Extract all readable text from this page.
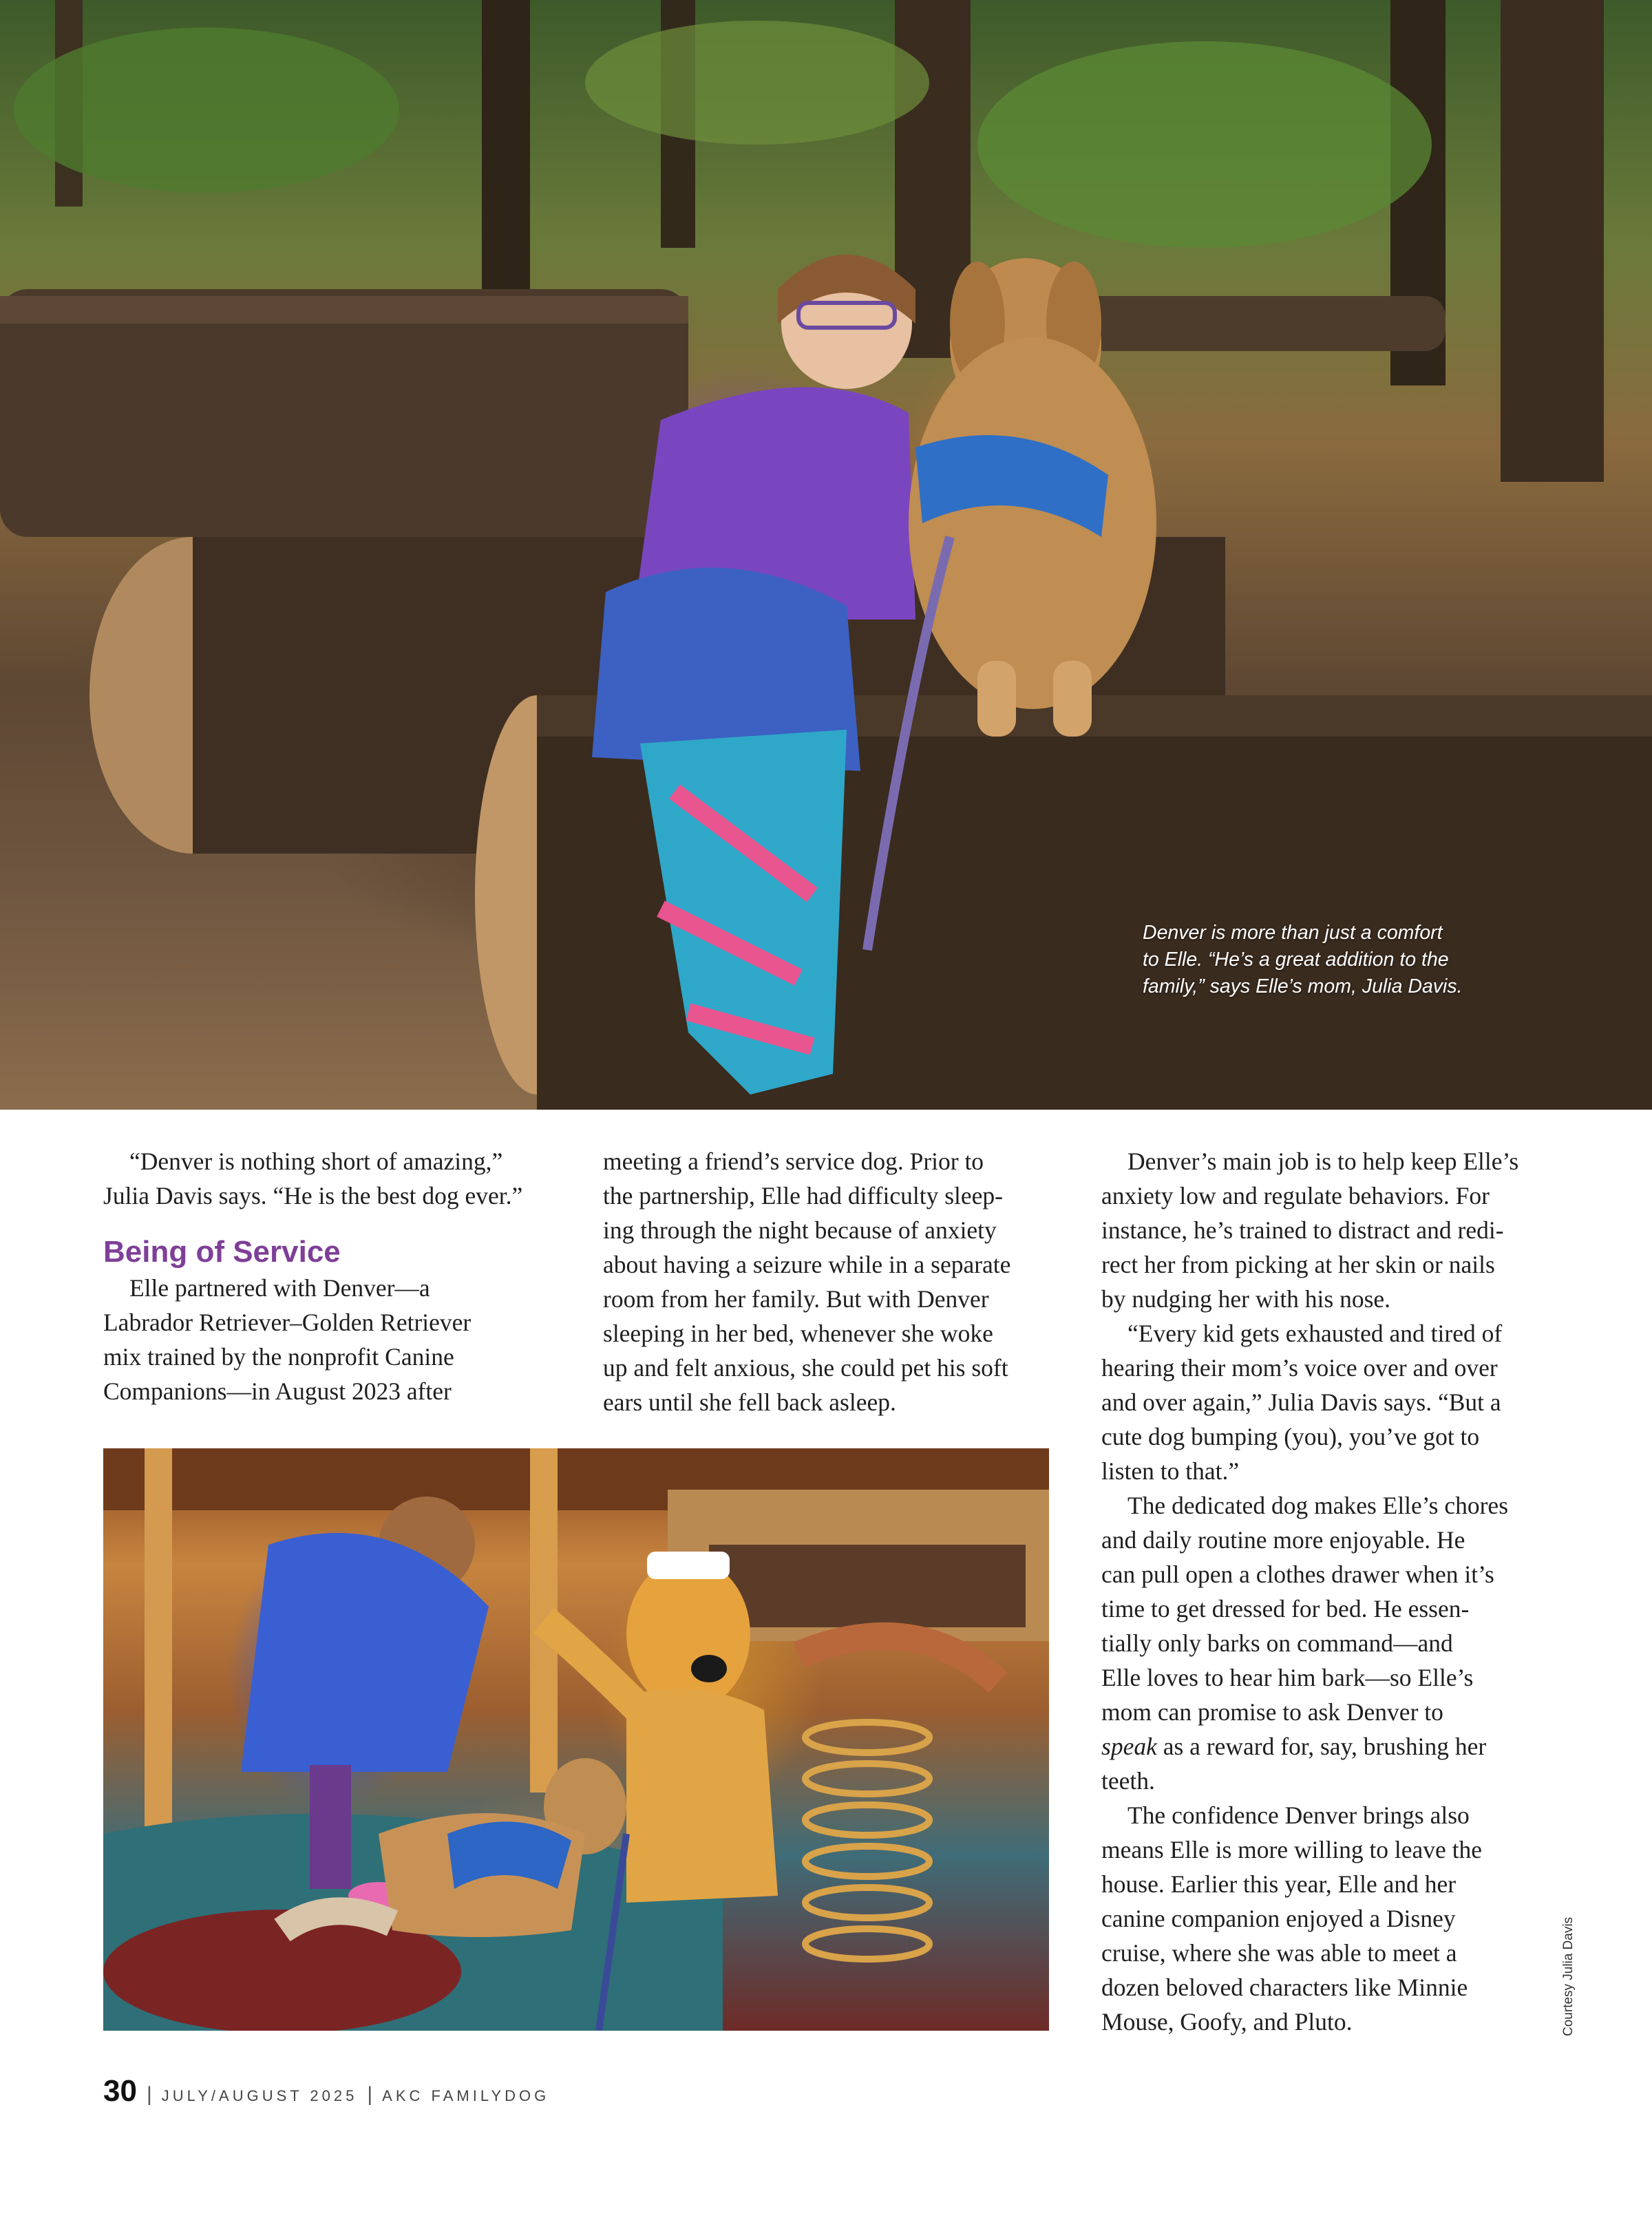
Denver is more than just a comfort
to Elle. “He’s a great addition to the
family,” says Elle’s mom, Julia Davis.
“Denver is nothing short of amazing,”
Julia Davis says. “He is the best dog ever.”
Being of Service
Elle partnered with Denver—a
Labrador Retriever–Golden Retriever
mix trained by the nonprofit Canine
Companions—in August 2023 after
meeting a friend’s service dog. Prior to
the partnership, Elle had difficulty sleep-
ing through the night because of anxiety
about having a seizure while in a separate
room from her family. But with Denver
sleeping in her bed, whenever she woke
up and felt anxious, she could pet his soft
ears until she fell back asleep.
Denver’s main job is to help keep Elle’s
anxiety low and regulate behaviors. For
instance, he’s trained to distract and redi-
rect her from picking at her skin or nails
by nudging her with his nose.
“Every kid gets exhausted and tired of
hearing their mom’s voice over and over
and over again,” Julia Davis says. “But a
cute dog bumping (you), you’ve got to
listen to that.”
The dedicated dog makes Elle’s chores
and daily routine more enjoyable. He
can pull open a clothes drawer when it’s
time to get dressed for bed. He essen-
tially only barks on command—and
Elle loves to hear him bark—so Elle’s
mom can promise to ask Denver to
speak as a reward for, say, brushing her
teeth.
The confidence Denver brings also
means Elle is more willing to leave the
house. Earlier this year, Elle and her
canine companion enjoyed a Disney
cruise, where she was able to meet a
dozen beloved characters like Minnie
Mouse, Goofy, and Pluto.	Courtesy Julia Davis
30 | JULY/AUGUST 2025 | AKC FAMILYDOG
